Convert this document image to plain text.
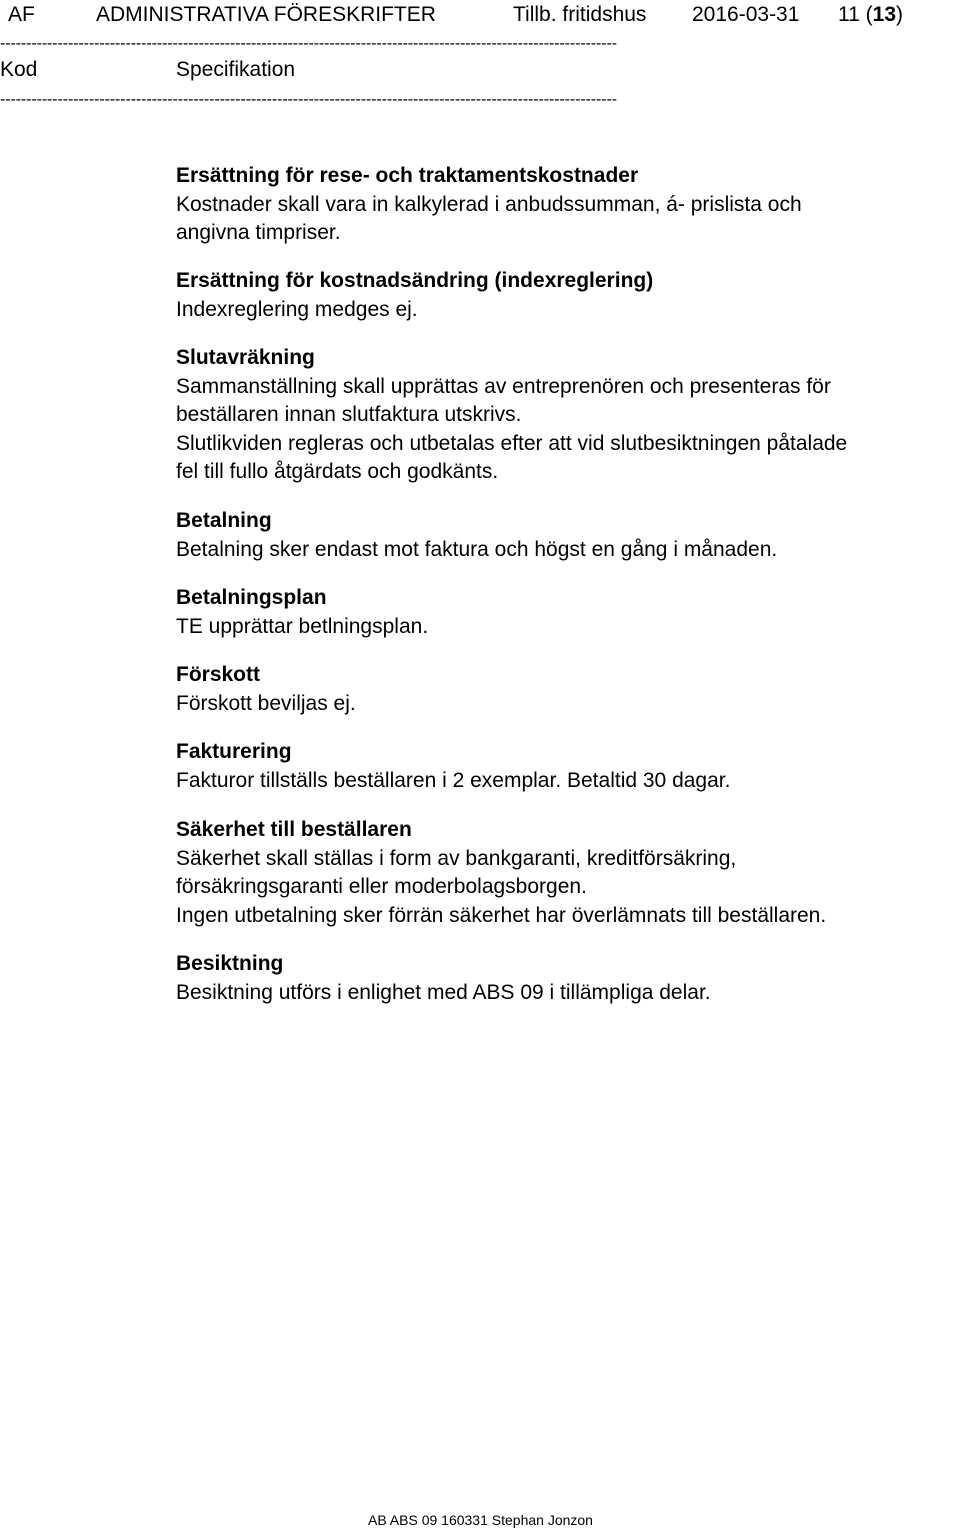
AF	ADMINISTRATIVA FÖRESKRIFTER	Tillb. fritidshus 2016-03-31 11 (13)
----------------------------------------------------------------------------------------------------------------------
Kod	Specifikation
----------------------------------------------------------------------------------------------------------------------
Ersättning för rese- och traktamentskostnader
Kostnader skall vara in kalkylerad i anbudssumman, á- prislista och
angivna timpriser.
Ersättning för kostnadsändring (indexreglering)
Indexreglering medges ej.
Slutavräkning
Sammanställning skall upprättas av entreprenören och presenteras för
beställaren innan slutfaktura utskrivs.
Slutlikviden regleras och utbetalas efter att vid slutbesiktningen påtalade
fel till fullo åtgärdats och godkänts.
Betalning
Betalning sker endast mot faktura och högst en gång i månaden.
Betalningsplan
TE upprättar betlningsplan.
Förskott
Förskott beviljas ej.
Fakturering
Fakturor tillställs beställaren i 2 exemplar. Betaltid 30 dagar.
Säkerhet till beställaren
Säkerhet skall ställas i form av bankgaranti, kreditförsäkring,
försäkringsgaranti eller moderbolagsborgen.
Ingen utbetalning sker förrän säkerhet har överlämnats till beställaren.
Besiktning
Besiktning utförs i enlighet med ABS 09 i tillämpliga delar.
AB ABS 09 160331 Stephan Jonzon
